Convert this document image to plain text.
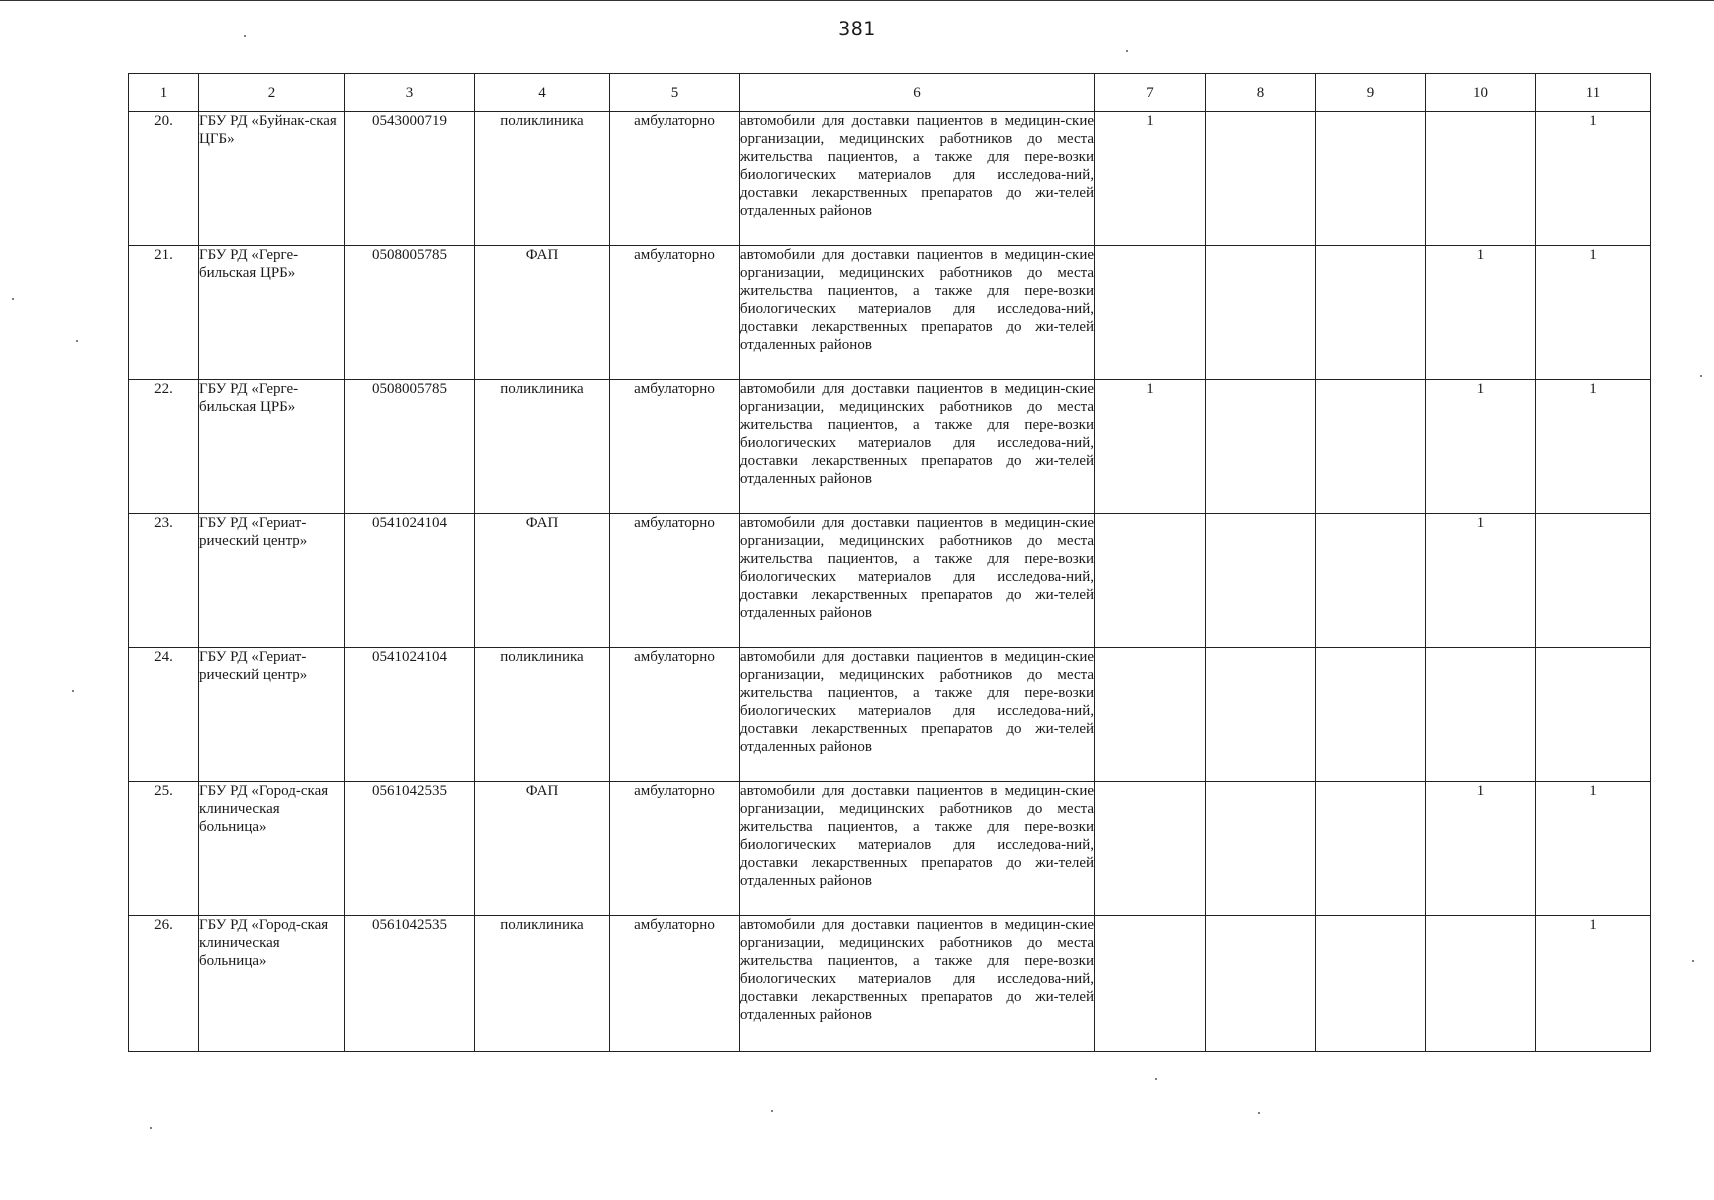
381
1	2	3	4	5	6	7	8	9	10	11
20.	ГБУ РД «Буйнак-ская ЦГБ»	0543000719	поликлиника	амбулаторно	автомобили для доставки пациентов в медицин-ские организации, медицинских работников до места жительства пациентов, а также для пере-возки биологических материалов для исследова-ний, доставки лекарственных препаратов до жи-телей отдаленных районов	1				1
21.	ГБУ РД «Герге-бильская ЦРБ»	0508005785	ФАП	амбулаторно	автомобили для доставки пациентов в медицин-ские организации, медицинских работников до места жительства пациентов, а также для пере-возки биологических материалов для исследова-ний, доставки лекарственных препаратов до жи-телей отдаленных районов				1	1
22.	ГБУ РД «Герге-бильская ЦРБ»	0508005785	поликлиника	амбулаторно	автомобили для доставки пациентов в медицин-ские организации, медицинских работников до места жительства пациентов, а также для пере-возки биологических материалов для исследова-ний, доставки лекарственных препаратов до жи-телей отдаленных районов	1			1	1
23.	ГБУ РД «Гериат-рический центр»	0541024104	ФАП	амбулаторно	автомобили для доставки пациентов в медицин-ские организации, медицинских работников до места жительства пациентов, а также для пере-возки биологических материалов для исследова-ний, доставки лекарственных препаратов до жи-телей отдаленных районов				1	
24.	ГБУ РД «Гериат-рический центр»	0541024104	поликлиника	амбулаторно	автомобили для доставки пациентов в медицин-ские организации, медицинских работников до места жительства пациентов, а также для пере-возки биологических материалов для исследова-ний, доставки лекарственных препаратов до жи-телей отдаленных районов					
25.	ГБУ РД «Город-ская клиническая больница»	0561042535	ФАП	амбулаторно	автомобили для доставки пациентов в медицин-ские организации, медицинских работников до места жительства пациентов, а также для пере-возки биологических материалов для исследова-ний, доставки лекарственных препаратов до жи-телей отдаленных районов				1	1
26.	ГБУ РД «Город-ская клиническая больница»	0561042535	поликлиника	амбулаторно	автомобили для доставки пациентов в медицин-ские организации, медицинских работников до места жительства пациентов, а также для пере-возки биологических материалов для исследова-ний, доставки лекарственных препаратов до жи-телей отдаленных районов					1
